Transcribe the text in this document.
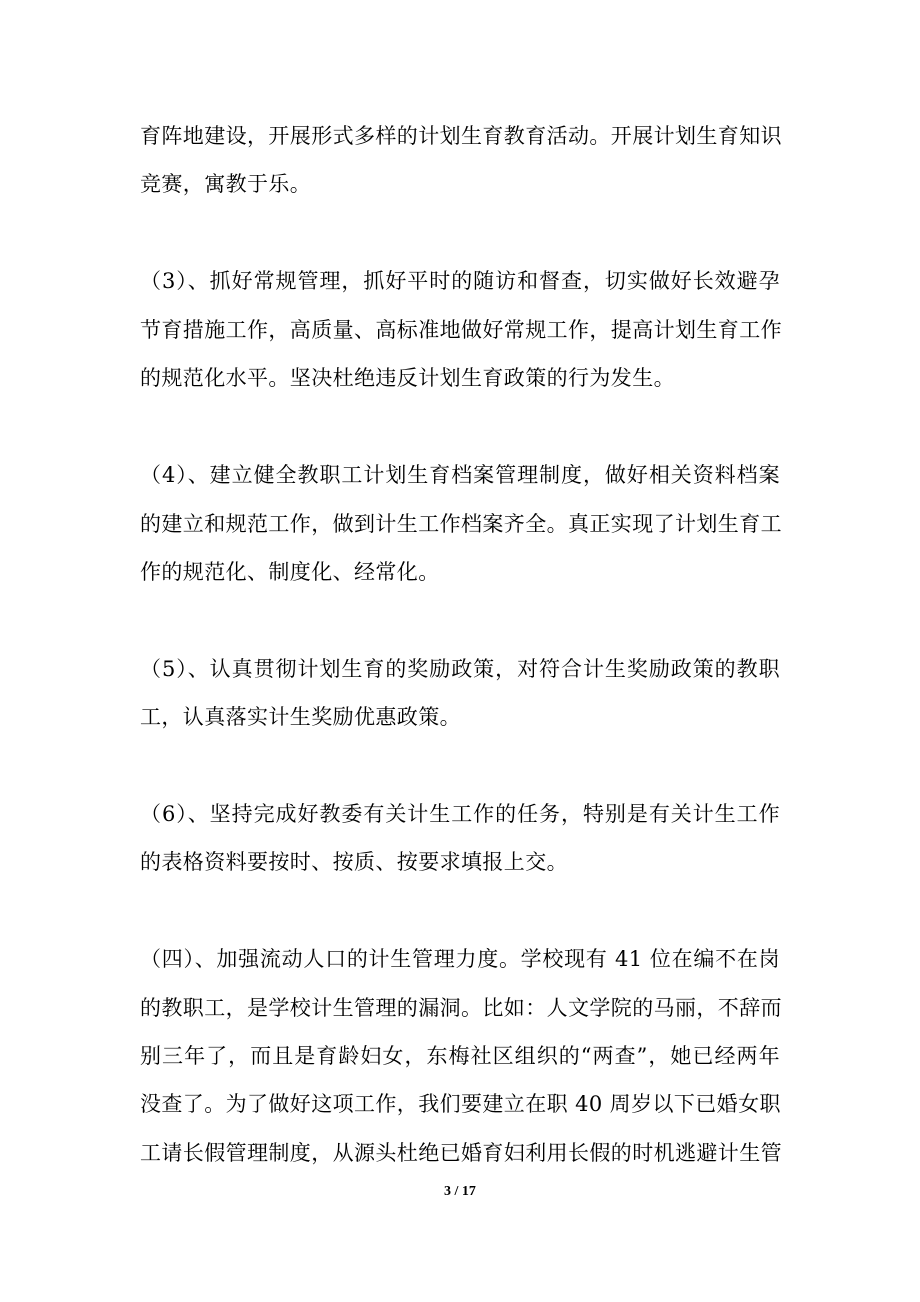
育阵地建设，开展形式多样的计划生育教育活动。开展计划生育知识
竞赛，寓教于乐。
（3）、抓好常规管理，抓好平时的随访和督查，切实做好长效避孕
节育措施工作，高质量、高标准地做好常规工作，提高计划生育工作
的规范化水平。坚决杜绝违反计划生育政策的行为发生。
（4）、建立健全教职工计划生育档案管理制度，做好相关资料档案
的建立和规范工作，做到计生工作档案齐全。真正实现了计划生育工
作的规范化、制度化、经常化。
（5）、认真贯彻计划生育的奖励政策，对符合计生奖励政策的教职
工，认真落实计生奖励优惠政策。
（6）、坚持完成好教委有关计生工作的任务，特别是有关计生工作
的表格资料要按时、按质、按要求填报上交。
（四）、加强流动人口的计生管理力度。学校现有 41 位在编不在岗
的教职工，是学校计生管理的漏洞。比如：人文学院的马丽，不辞而
别三年了，而且是育龄妇女，东梅社区组织的“两查”，她已经两年
没查了。为了做好这项工作，我们要建立在职 40 周岁以下已婚女职
工请长假管理制度，从源头杜绝已婚育妇利用长假的时机逃避计生管
3 / 17
